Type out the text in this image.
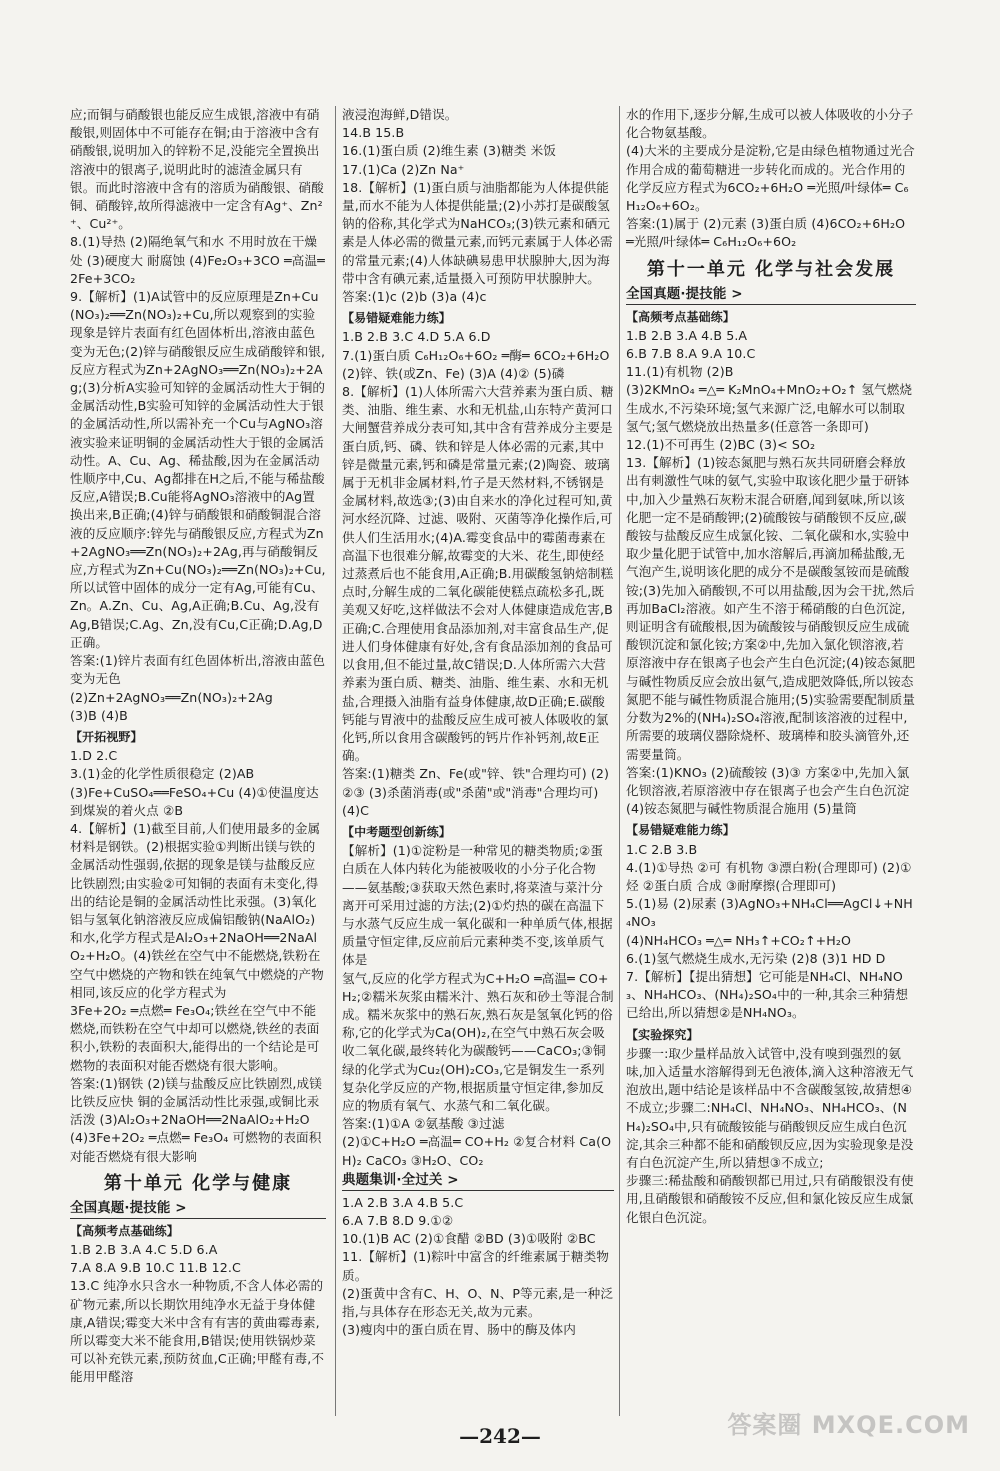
应;而铜与硝酸银也能反应生成银,溶液中有硝酸银,则固体中不可能存在铜;由于溶液中含有硝酸银,说明加入的锌粉不足,没能完全置换出溶液中的银离子,说明此时的滤渣金属只有银。而此时溶液中含有的溶质为硝酸银、硝酸铜、硝酸锌,故所得滤液中一定含有Ag⁺、Zn²⁺、Cu²⁺。

8.(1)导热 (2)隔绝氧气和水 不用时放在干燥处 (3)硬度大 耐腐蚀 (4)Fe₂O₃+3CO ═高温═ 2Fe+3CO₂

9.【解析】(1)A试管中的反应原理是Zn+Cu(NO₃)₂══Zn(NO₃)₂+Cu,所以观察到的实验现象是锌片表面有红色固体析出,溶液由蓝色变为无色;(2)锌与硝酸银反应生成硝酸锌和银,反应方程式为Zn+2AgNO₃══Zn(NO₃)₂+2Ag;(3)分析A实验可知锌的金属活动性大于铜的金属活动性,B实验可知锌的金属活动性大于银的金属活动性,所以需补充一个Cu与AgNO₃溶液实验来证明铜的金属活动性大于银的金属活动性。A、Cu、Ag、稀盐酸,因为在金属活动性顺序中,Cu、Ag都排在H之后,不能与稀盐酸反应,A错误;B.Cu能将AgNO₃溶液中的Ag置换出来,B正确;(4)锌与硝酸银和硝酸铜混合溶液的反应顺序:锌先与硝酸银反应,方程式为Zn+2AgNO₃══Zn(NO₃)₂+2Ag,再与硝酸铜反应,方程式为Zn+Cu(NO₃)₂══Zn(NO₃)₂+Cu,所以试管中固体的成分一定有Ag,可能有Cu、Zn。A.Zn、Cu、Ag,A正确;B.Cu、Ag,没有Ag,B错误;C.Ag、Zn,没有Cu,C正确;D.Ag,D正确。

答案:(1)锌片表面有红色固体析出,溶液由蓝色变为无色

(2)Zn+2AgNO₃══Zn(NO₃)₂+2Ag

(3)B (4)B

【开拓视野】

1.D 2.C

3.(1)金的化学性质很稳定 (2)AB

(3)Fe+CuSO₄══FeSO₄+Cu (4)①使温度达到煤炭的着火点 ②B

4.【解析】(1)截至目前,人们使用最多的金属材料是钢铁。(2)根据实验①判断出镁与铁的金属活动性强弱,依据的现象是镁与盐酸反应比铁剧烈;由实验②可知铜的表面有未变化,得出的结论是铜的金属活动性比汞强。(3)氧化铝与氢氧化钠溶液反应成偏铝酸钠(NaAlO₂)和水,化学方程式是Al₂O₃+2NaOH══2NaAlO₂+H₂O。(4)铁丝在空气中不能燃烧,铁粉在空气中燃烧的产物和铁在纯氧气中燃烧的产物相同,该反应的化学方程式为

3Fe+2O₂ ═点燃═ Fe₃O₄;铁丝在空气中不能燃烧,而铁粉在空气中却可以燃烧,铁丝的表面积小,铁粉的表面积大,能得出的一个结论是可燃物的表面积对能否燃烧有很大影响。

答案:(1)钢铁 (2)镁与盐酸反应比铁剧烈,成镁比铁反应快 铜的金属活动性比汞强,或铜比汞活泼 (3)Al₂O₃+2NaOH══2NaAlO₂+H₂O (4)3Fe+2O₂ ═点燃═ Fe₃O₄ 可燃物的表面积对能否燃烧有很大影响

第十单元 化学与健康

全国真题·提技能 >

【高频考点基础练】

1.B 2.B 3.A 4.C 5.D 6.A

7.A 8.A 9.B 10.C 11.B 12.C

13.C 纯净水只含水一种物质,不含人体必需的矿物元素,所以长期饮用纯净水无益于身体健康,A错误;霉变大米中含有有害的黄曲霉毒素,所以霉变大米不能食用,B错误;使用铁锅炒菜可以补充铁元素,预防贫血,C正确;甲醛有毒,不能用甲醛溶

液浸泡海鲜,D错误。

14.B 15.B

16.(1)蛋白质 (2)维生素 (3)糖类 米饭

17.(1)Ca (2)Zn Na⁺

18.【解析】(1)蛋白质与油脂都能为人体提供能量,而水不能为人体提供能量;(2)小苏打是碳酸氢钠的俗称,其化学式为NaHCO₃;(3)铁元素和硒元素是人体必需的微量元素,而钙元素属于人体必需的常量元素;(4)人体缺碘易患甲状腺肿大,因为海带中含有碘元素,适量摄入可预防甲状腺肿大。

答案:(1)c (2)b (3)a (4)c

【易错疑难能力练】

1.B 2.B 3.C 4.D 5.A 6.D

7.(1)蛋白质 C₆H₁₂O₆+6O₂ ═酶═ 6CO₂+6H₂O (2)锌、铁(或Zn、Fe) (3)A (4)② (5)磷

8.【解析】(1)人体所需六大营养素为蛋白质、糖类、油脂、维生素、水和无机盐,山东特产黄河口大闸蟹营养成分表可知,其中含有营养成分主要是蛋白质,钙、磷、铁和锌是人体必需的元素,其中锌是微量元素,钙和磷是常量元素;(2)陶瓷、玻璃属于无机非金属材料,竹子是天然材料,不锈钢是金属材料,故选③;(3)由自来水的净化过程可知,黄河水经沉降、过滤、吸附、灭菌等净化操作后,可供人们生活用水;(4)A.霉变食品中的霉菌毒素在高温下也很难分解,故霉变的大米、花生,即使经过蒸煮后也不能食用,A正确;B.用碳酸氢钠焙制糕点时,分解生成的二氧化碳能使糕点疏松多孔,既美观又好吃,这样做法不会对人体健康造成危害,B正确;C.合理使用食品添加剂,对丰富食品生产,促进人们身体健康有好处,含有食品添加剂的食品可以食用,但不能过量,故C错误;D.人体所需六大营养素为蛋白质、糖类、油脂、维生素、水和无机盐,合理摄入油脂有益身体健康,故D正确;E.碳酸钙能与胃液中的盐酸反应生成可被人体吸收的氯化钙,所以食用含碳酸钙的钙片作补钙剂,故E正确。

答案:(1)糖类 Zn、Fe(或"锌、铁"合理均可) (2)②③ (3)杀菌消毒(或"杀菌"或"消毒"合理均可) (4)C

【中考题型创新练】

【解析】(1)①淀粉是一种常见的糖类物质;②蛋白质在人体内转化为能被吸收的小分子化合物——氨基酸;③获取天然色素时,将菜渣与菜汁分离开可采用过滤的方法;(2)①灼热的碳在高温下与水蒸气反应生成一氧化碳和一种单质气体,根据质量守恒定律,反应前后元素种类不变,该单质气体是

氢气,反应的化学方程式为C+H₂O ═高温═ CO+H₂;②糯米灰浆由糯米汁、熟石灰和砂土等混合制成。糯米灰浆中的熟石灰,熟石灰是氢氧化钙的俗称,它的化学式为Ca(OH)₂,在空气中熟石灰会吸收二氧化碳,最终转化为碳酸钙——CaCO₃;③铜绿的化学式为Cu₂(OH)₂CO₃,它是铜发生一系列复杂化学反应的产物,根据质量守恒定律,参加反应的物质有氧气、水蒸气和二氧化碳。

答案:(1)①A ②氨基酸 ③过滤

(2)①C+H₂O ═高温═ CO+H₂ ②复合材料 Ca(OH)₂ CaCO₃ ③H₂O、CO₂

典题集训·全过关 >

1.A 2.B 3.A 4.B 5.C

6.A 7.B 8.D 9.①②

10.(1)B AC (2)①食醋 ②BD (3)①吸附 ②BC

11.【解析】(1)粽叶中富含的纤维素属于糖类物质。

(2)蛋黄中含有C、H、O、N、P等元素,是一种泛指,与具体存在形态无关,故为元素。

(3)瘦肉中的蛋白质在胃、肠中的酶及体内

水的作用下,逐步分解,生成可以被人体吸收的小分子化合物氨基酸。

(4)大米的主要成分是淀粉,它是由绿色植物通过光合作用合成的葡萄糖进一步转化而成的。光合作用的化学反应方程式为6CO₂+6H₂O ═光照/叶绿体═ C₆H₁₂O₆+6O₂。

答案:(1)属于 (2)元素 (3)蛋白质 (4)6CO₂+6H₂O ═光照/叶绿体═ C₆H₁₂O₆+6O₂

第十一单元 化学与社会发展

全国真题·提技能 >

【高频考点基础练】

1.B 2.B 3.A 4.B 5.A

6.B 7.B 8.A 9.A 10.C

11.(1)有机物 (2)B

(3)2KMnO₄ ═△═ K₂MnO₄+MnO₂+O₂↑ 氢气燃烧生成水,不污染环境;氢气来源广泛,电解水可以制取氢气;氢气燃烧放出热量多(任意答一条即可)

12.(1)不可再生 (2)BC (3)< SO₂

13.【解析】(1)铵态氮肥与熟石灰共同研磨会释放出有刺激性气味的氨气,实验中取该化肥少量于研钵中,加入少量熟石灰粉末混合研磨,闻到氨味,所以该化肥一定不是硝酸钾;(2)硫酸铵与硝酸钡不反应,碳酸铵与盐酸反应生成氯化铵、二氧化碳和水,实验中取少量化肥于试管中,加水溶解后,再滴加稀盐酸,无气泡产生,说明该化肥的成分不是碳酸氢铵而是硫酸铵;(3)先加入硝酸钡,不可以用盐酸,因为会干扰,然后再加BaCl₂溶液。如产生不溶于稀硝酸的白色沉淀,则证明含有硫酸根,因为硫酸铵与硝酸钡反应生成硫酸钡沉淀和氯化铵;方案②中,先加入氯化钡溶液,若原溶液中存在银离子也会产生白色沉淀;(4)铵态氮肥与碱性物质反应会放出氨气,造成肥效降低,所以铵态氮肥不能与碱性物质混合施用;(5)实验需要配制质量分数为2%的(NH₄)₂SO₄溶液,配制该溶液的过程中,所需要的玻璃仪器除烧杯、玻璃棒和胶头滴管外,还需要量筒。

答案:(1)KNO₃ (2)硫酸铵 (3)③ 方案②中,先加入氯化钡溶液,若原溶液中存在银离子也会产生白色沉淀 (4)铵态氮肥与碱性物质混合施用 (5)量筒

【易错疑难能力练】

1.C 2.B 3.B

4.(1)①导热 ②可 有机物 ③漂白粉(合理即可) (2)①烃 ②蛋白质 合成 ③耐摩擦(合理即可)

5.(1)易 (2)尿素 (3)AgNO₃+NH₄Cl══AgCl↓+NH₄NO₃

(4)NH₄HCO₃ ═△═ NH₃↑+CO₂↑+H₂O

6.(1)氢气燃烧生成水,无污染 (2)8 (3)1 HD D

7.【解析】【提出猜想】它可能是NH₄Cl、NH₄NO₃、NH₄HCO₃、(NH₄)₂SO₄中的一种,其余三种猜想已给出,所以猜想②是NH₄NO₃。

【实验探究】

步骤一:取少量样品放入试管中,没有嗅到强烈的氨味,加入适量水溶解得到无色液体,滴入这种溶液无气泡放出,题中结论是该样品中不含碳酸氢铵,故猜想④不成立;步骤二:NH₄Cl、NH₄NO₃、NH₄HCO₃、(NH₄)₂SO₄中,只有硫酸铵能与硝酸钡反应生成白色沉淀,其余三种都不能和硝酸钡反应,因为实验现象是没有白色沉淀产生,所以猜想③不成立;

步骤三:稀盐酸和硝酸钡都已用过,只有硝酸银没有使用,且硝酸银和硝酸铵不反应,但和氯化铵反应生成氯化银白色沉淀。

—242—	答案圈 MXQE.COM
